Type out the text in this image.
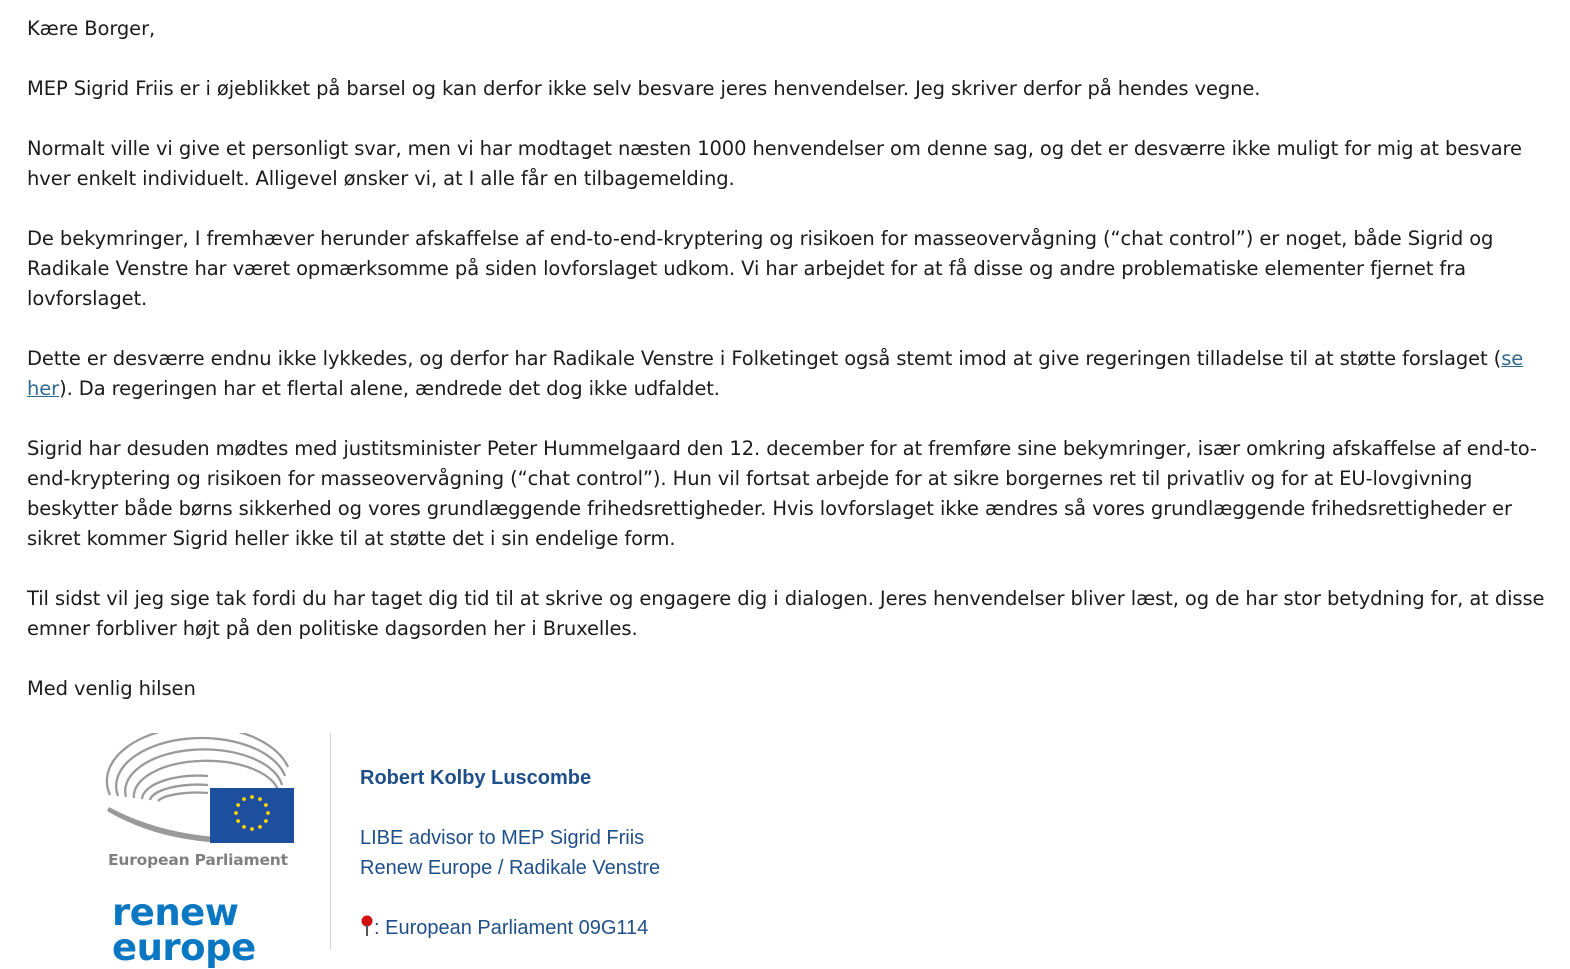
Kære Borger,

MEP Sigrid Friis er i øjeblikket på barsel og kan derfor ikke selv besvare jeres henvendelser. Jeg skriver derfor på hendes vegne.

Normalt ville vi give et personligt svar, men vi har modtaget næsten 1000 henvendelser om denne sag, og det er desværre ikke muligt for mig at besvare hver enkelt individuelt. Alligevel ønsker vi, at I alle får en tilbagemelding.

De bekymringer, I fremhæver herunder afskaffelse af end-to-end-kryptering og risikoen for masseovervågning (“chat control”) er noget, både Sigrid og Radikale Venstre har været opmærksomme på siden lovforslaget udkom. Vi har arbejdet for at få disse og andre problematiske elementer fjernet fra lovforslaget.

Dette er desværre endnu ikke lykkedes, og derfor har Radikale Venstre i Folketinget også stemt imod at give regeringen tilladelse til at støtte forslaget (se her). Da regeringen har et flertal alene, ændrede det dog ikke udfaldet.

Sigrid har desuden mødtes med justitsminister Peter Hummelgaard den 12. december for at fremføre sine bekymringer, især omkring afskaffelse af end-to-end-kryptering og risikoen for masseovervågning (“chat control”). Hun vil fortsat arbejde for at sikre borgernes ret til privatliv og for at EU-lovgivning beskytter både børns sikkerhed og vores grundlæggende frihedsrettigheder. Hvis lovforslaget ikke ændres så vores grundlæggende frihedsrettigheder er sikret kommer Sigrid heller ikke til at støtte det i sin endelige form.

Til sidst vil jeg sige tak fordi du har taget dig tid til at skrive og engagere dig i dialogen. Jeres henvendelser bliver læst, og de har stor betydning for, at disse emner forbliver højt på den politiske dagsorden her i Bruxelles.

Med venlig hilsen

European Parliament
renew
europe
Robert Kolby Luscombe
LIBE advisor to MEP Sigrid Friis
Renew Europe / Radikale Venstre
: European Parliament 09G114
